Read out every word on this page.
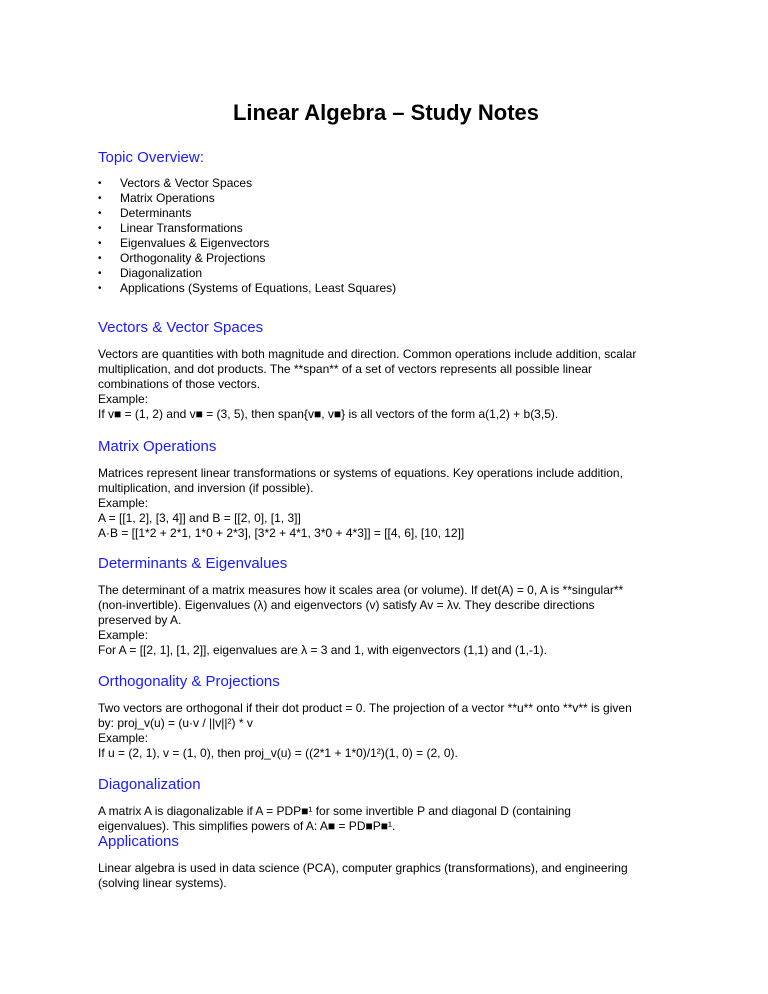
Linear Algebra – Study Notes
Topic Overview:
• Vectors & Vector Spaces
• Matrix Operations
• Determinants
• Linear Transformations
• Eigenvalues & Eigenvectors
• Orthogonality & Projections
• Diagonalization
• Applications (Systems of Equations, Least Squares)
Vectors & Vector Spaces

Vectors are quantities with both magnitude and direction. Common operations include addition, scalar
multiplication, and dot products. The **span** of a set of vectors represents all possible linear
combinations of those vectors.
Example:
If v■ = (1, 2) and v■ = (3, 5), then span{v■, v■} is all vectors of the form a(1,2) + b(3,5).

Matrix Operations

Matrices represent linear transformations or systems of equations. Key operations include addition,
multiplication, and inversion (if possible).
Example:
A = [[1, 2], [3, 4]] and B = [[2, 0], [1, 3]]
A·B = [[1*2 + 2*1, 1*0 + 2*3], [3*2 + 4*1, 3*0 + 4*3]] = [[4, 6], [10, 12]]

Determinants & Eigenvalues

The determinant of a matrix measures how it scales area (or volume). If det(A) = 0, A is **singular**
(non-invertible). Eigenvalues (λ) and eigenvectors (v) satisfy Av = λv. They describe directions
preserved by A.
Example:
For A = [[2, 1], [1, 2]], eigenvalues are λ = 3 and 1, with eigenvectors (1,1) and (1,-1).

Orthogonality & Projections

Two vectors are orthogonal if their dot product = 0. The projection of a vector **u** onto **v** is given
by: proj_v(u) = (u·v / ||v||²) * v
Example:
If u = (2, 1), v = (1, 0), then proj_v(u) = ((2*1 + 1*0)/1²)(1, 0) = (2, 0).

Diagonalization

A matrix A is diagonalizable if A = PDP■¹ for some invertible P and diagonal D (containing
eigenvalues). This simplifies powers of A: A■ = PD■P■¹.

Applications

Linear algebra is used in data science (PCA), computer graphics (transformations), and engineering
(solving linear systems).
